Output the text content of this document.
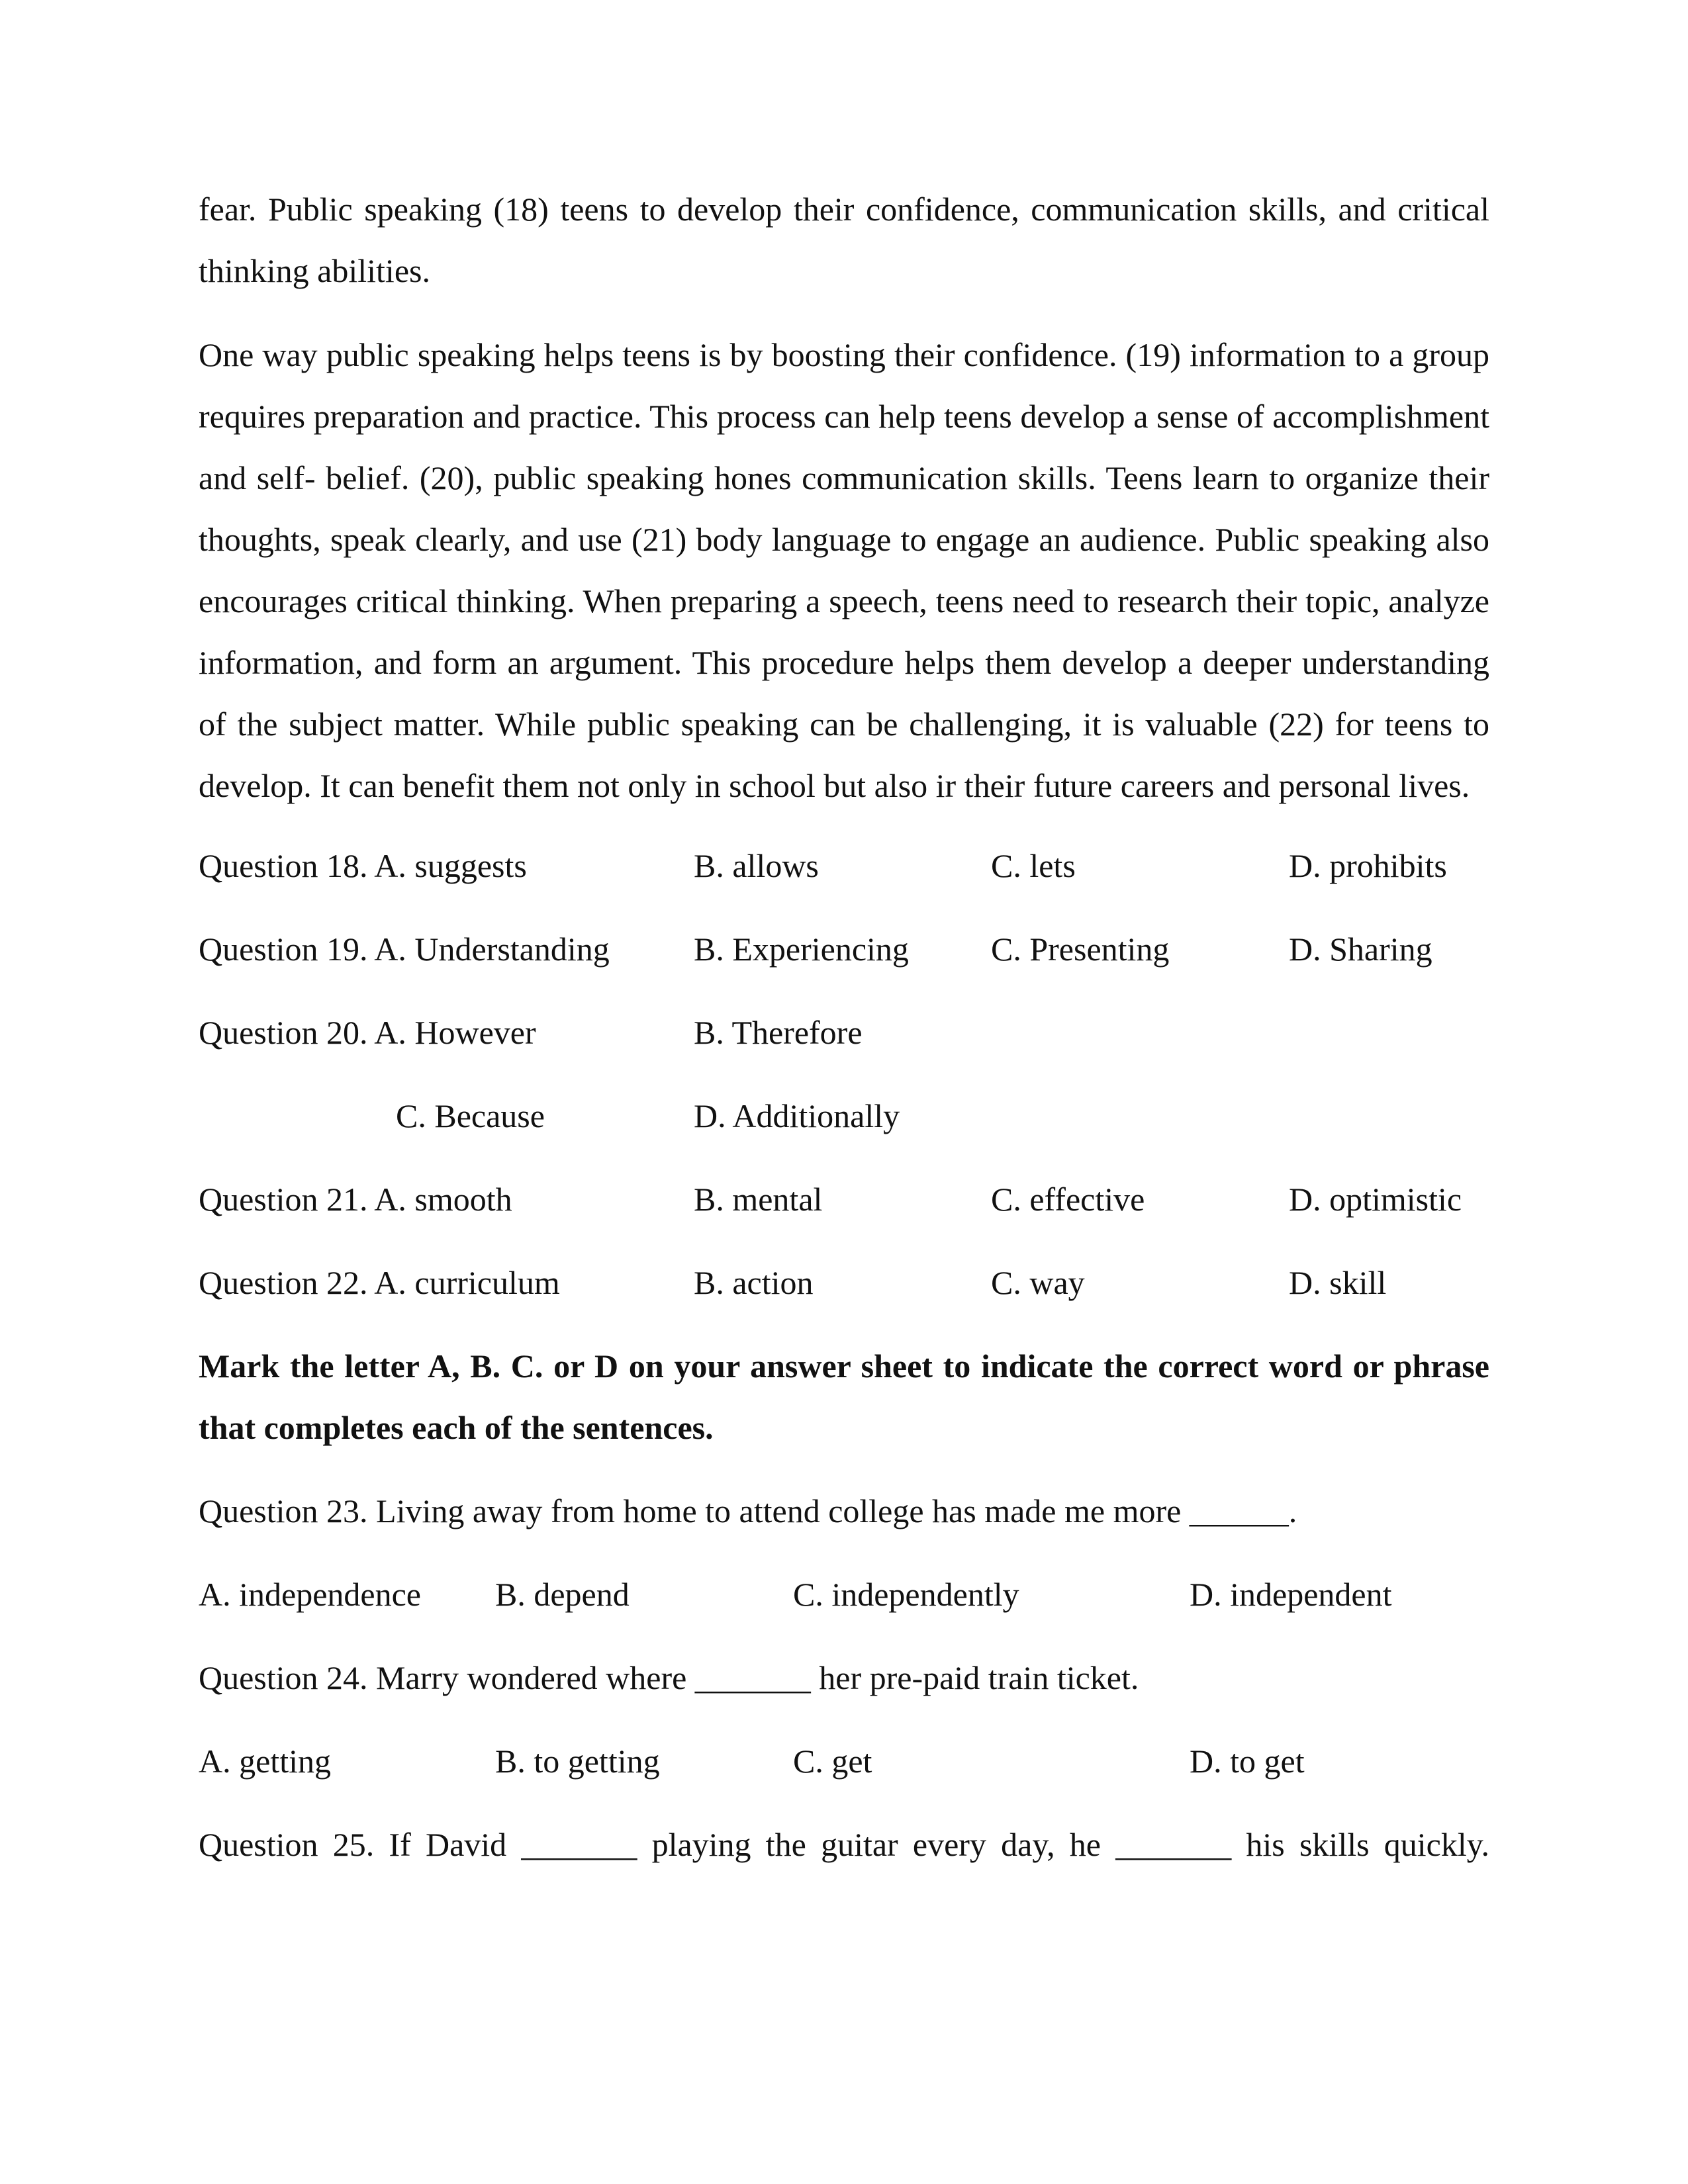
fear. Public speaking (18) teens to develop their confidence, communication skills, and critical thinking abilities.

One way public speaking helps teens is by boosting their confidence. (19) information to a group requires preparation and practice. This process can help teens develop a sense of accomplishment and self- belief. (20), public speaking hones communication skills. Teens learn to organize their thoughts, speak clearly, and use (21) body language to engage an audience. Public speaking also encourages critical thinking. When preparing a speech, teens need to research their topic, analyze information, and form an argument. This procedure helps them develop a deeper understanding of the subject matter. While public speaking can be challenging, it is valuable (22) for teens to develop. It can benefit them not only in school but also ir their future careers and personal lives.

Question 18. A. suggests	B. allows	C. lets	D. prohibits
Question 19. A. Understanding	B. Experiencing C. Presenting	D. Sharing
Question 20. A. However	B. Therefore
C. Because	D. Additionally
Question 21. A. smooth	B. mental	C. effective	D. optimistic
Question 22. A. curriculum	B. action	C. way	D. skill

Mark the letter A, B. C. or D on your answer sheet to indicate the correct word or phrase that completes each of the sentences.

Question 23. Living away from home to attend college has made me more ______.
A. independence B. depend	C. independently	D. independent
Question 24. Marry wondered where _______ her pre-paid train ticket.
A. getting	B. to getting	C. get	D. to get
Question 25. If David _______ playing the guitar every day, he _______ his skills quickly.
